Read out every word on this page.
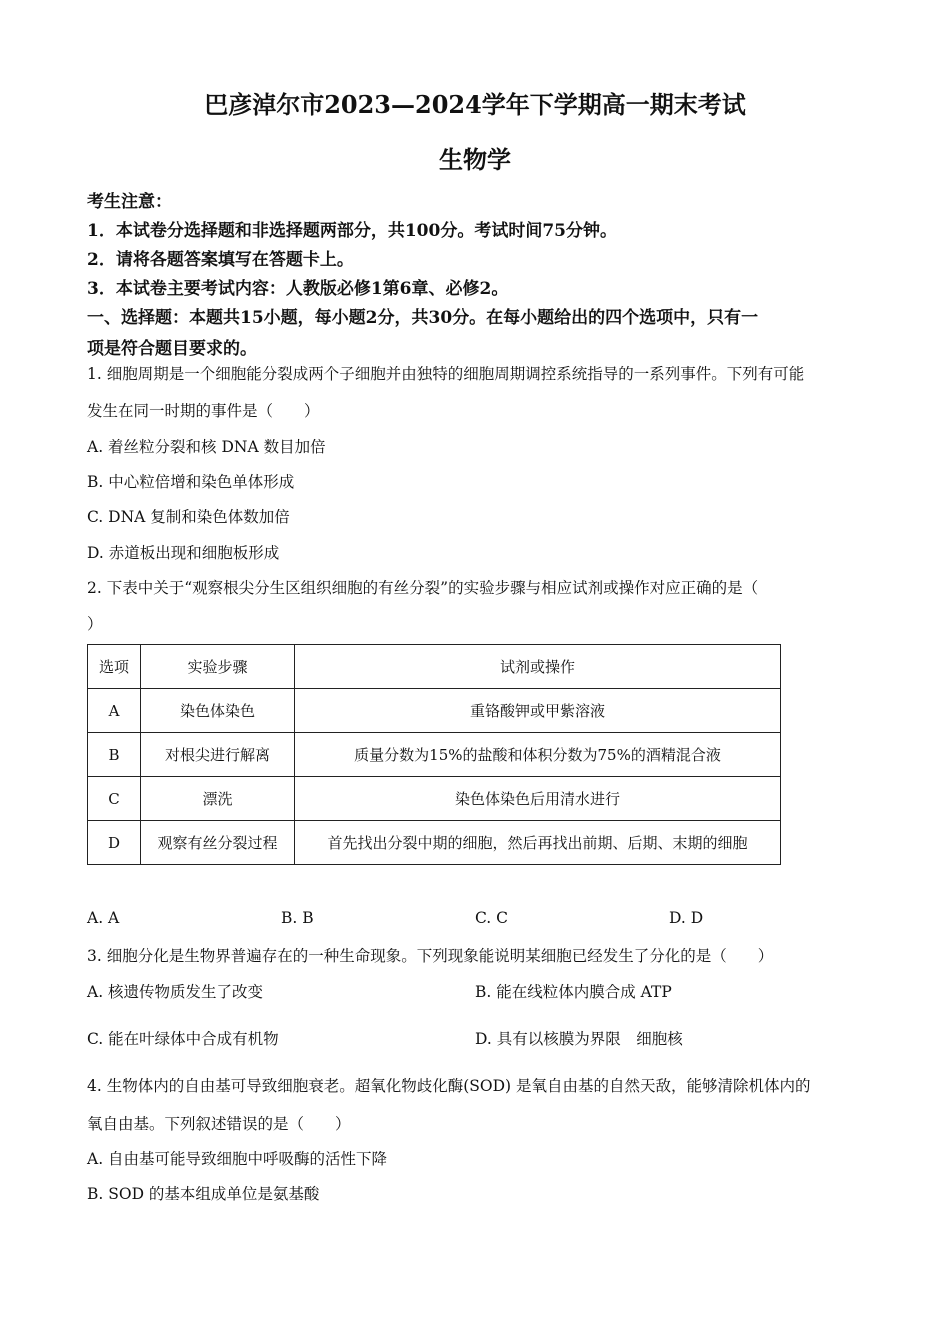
巴彦淖尔市2023—2024学年下学期高一期末考试
生物学
考生注意：
1．本试卷分选择题和非选择题两部分，共100分。考试时间75分钟。
2．请将各题答案填写在答题卡上。
3．本试卷主要考试内容：人教版必修1第6章、必修2。
一、选择题：本题共15小题，每小题2分，共30分。在每小题给出的四个选项中，只有一
项是符合题目要求的。
1. 细胞周期是一个细胞能分裂成两个子细胞并由独特的细胞周期调控系统指导的一系列事件。下列有可能
发生在同一时期的事件是（　　）
A. 着丝粒分裂和核 DNA 数目加倍
B. 中心粒倍增和染色单体形成
C. DNA 复制和染色体数加倍
D. 赤道板出现和细胞板形成
2. 下表中关于“观察根尖分生区组织细胞的有丝分裂”的实验步骤与相应试剂或操作对应正确的是（
）
选项	实验步骤	试剂或操作
A	染色体染色	重铬酸钾或甲紫溶液
B	对根尖进行解离	质量分数为15%的盐酸和体积分数为75%的酒精混合液
C	漂洗	染色体染色后用清水进行
D	观察有丝分裂过程	首先找出分裂中期的细胞，然后再找出前期、后期、末期的细胞
A. A	B. B	C. C	D. D
3. 细胞分化是生物界普遍存在的一种生命现象。下列现象能说明某细胞已经发生了分化的是（　　）
A. 核遗传物质发生了改变	B. 能在线粒体内膜合成 ATP
C. 能在叶绿体中合成有机物	D. 具有以核膜为界限　细胞核
4. 生物体内的自由基可导致细胞衰老。超氧化物歧化酶(SOD) 是氧自由基的自然天敌，能够清除机体内的
氧自由基。下列叙述错误的是（　　）
A. 自由基可能导致细胞中呼吸酶的活性下降
B. SOD 的基本组成单位是氨基酸
